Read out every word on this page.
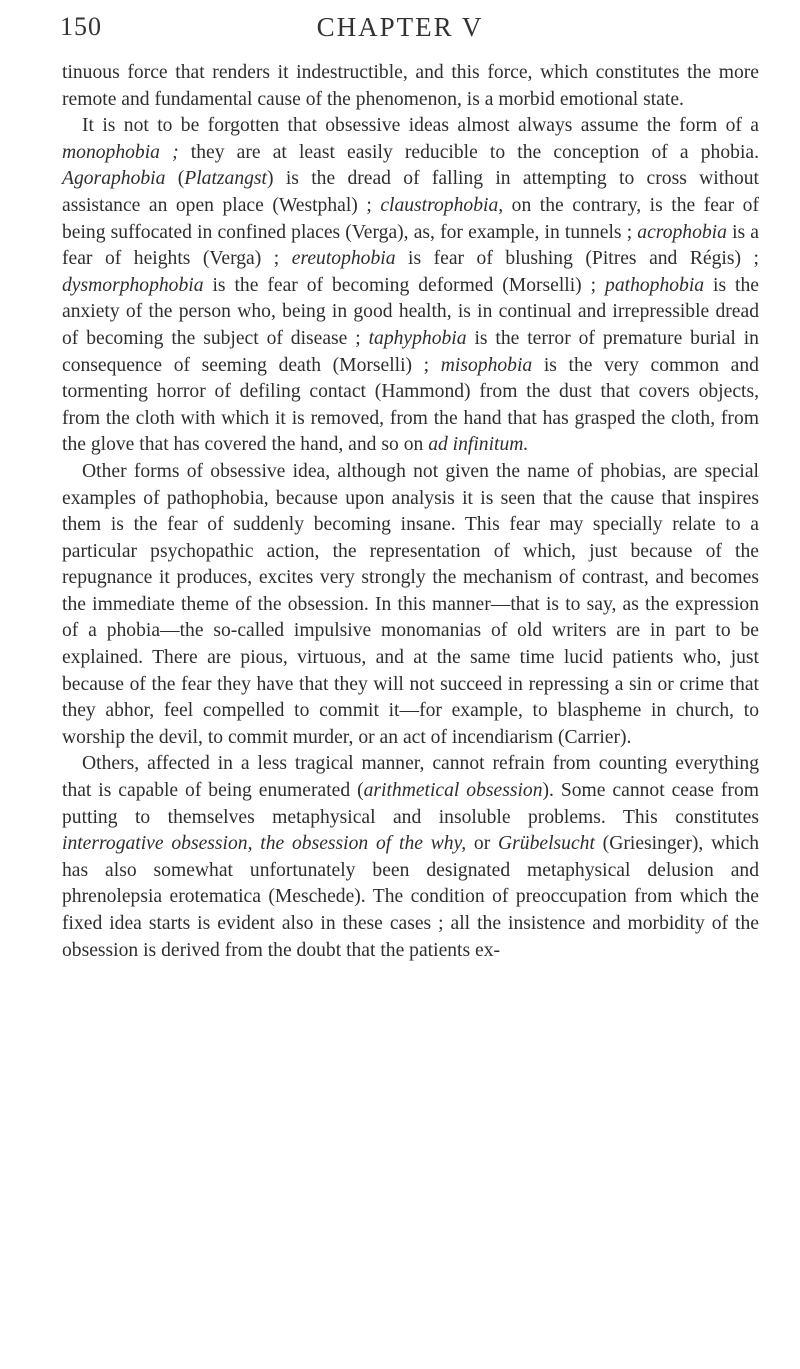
150	CHAPTER V

tinuous force that renders it indestructible, and this force, which constitutes the more remote and fundamental cause of the phenomenon, is a morbid emotional state.

It is not to be forgotten that obsessive ideas almost always assume the form of a monophobia ; they are at least easily reducible to the conception of a phobia. Agoraphobia (Platzangst) is the dread of falling in attempting to cross without assistance an open place (Westphal) ; claustrophobia, on the contrary, is the fear of being suffocated in confined places (Verga), as, for example, in tunnels ; acrophobia is a fear of heights (Verga) ; ereutophobia is fear of blushing (Pitres and Régis) ; dysmorphophobia is the fear of becoming deformed (Morselli) ; pathophobia is the anxiety of the person who, being in good health, is in continual and irrepressible dread of becoming the subject of disease ; taphyphobia is the terror of premature burial in consequence of seeming death (Morselli) ; misophobia is the very common and tormenting horror of defiling contact (Hammond) from the dust that covers objects, from the cloth with which it is removed, from the hand that has grasped the cloth, from the glove that has covered the hand, and so on ad infinitum.

Other forms of obsessive idea, although not given the name of phobias, are special examples of pathophobia, because upon analysis it is seen that the cause that inspires them is the fear of suddenly becoming insane. This fear may specially relate to a particular psychopathic action, the representation of which, just because of the repugnance it produces, excites very strongly the mechanism of contrast, and becomes the immediate theme of the obsession. In this manner—that is to say, as the expression of a phobia—the so-called impulsive monomanias of old writers are in part to be explained. There are pious, virtuous, and at the same time lucid patients who, just because of the fear they have that they will not succeed in repressing a sin or crime that they abhor, feel compelled to commit it—for example, to blaspheme in church, to worship the devil, to commit murder, or an act of incendiarism (Carrier).

Others, affected in a less tragical manner, cannot refrain from counting everything that is capable of being enumerated (arithmetical obsession). Some cannot cease from putting to themselves metaphysical and insoluble problems. This constitutes interrogative obsession, the obsession of the why, or Grübelsucht (Griesinger), which has also somewhat unfortunately been designated metaphysical delusion and phrenolepsia erotematica (Meschede). The condition of preoccupation from which the fixed idea starts is evident also in these cases ; all the insistence and morbidity of the obsession is derived from the doubt that the patients ex-
